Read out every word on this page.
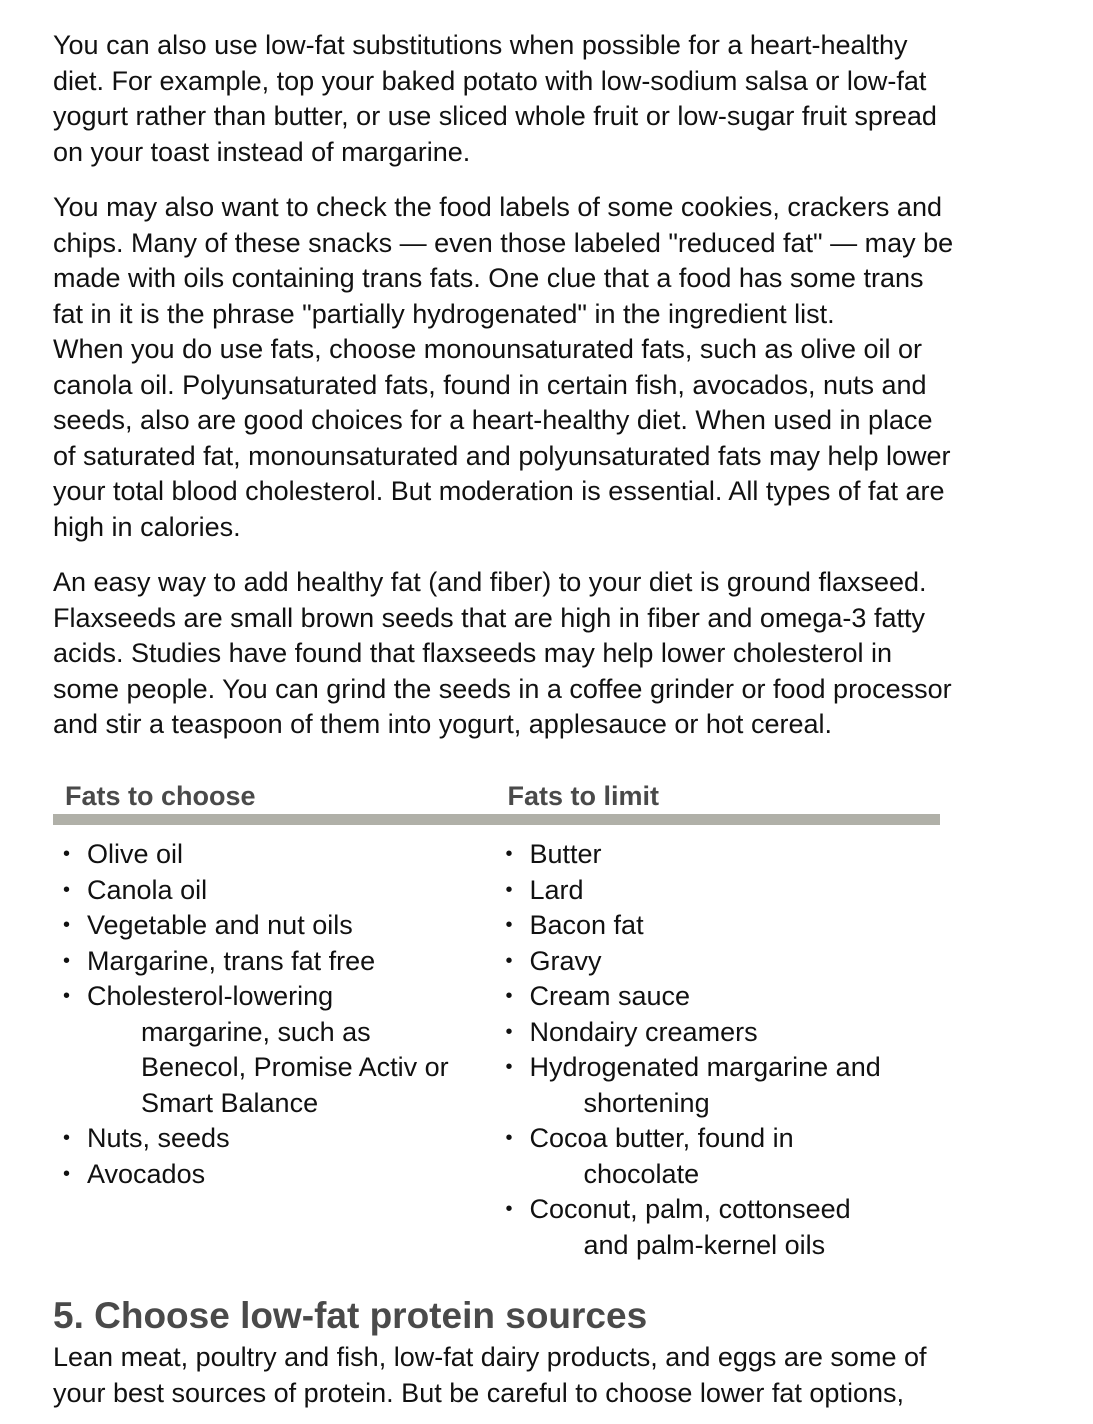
You can also use low-fat substitutions when possible for a heart-healthy
diet. For example, top your baked potato with low-sodium salsa or low-fat
yogurt rather than butter, or use sliced whole fruit or low-sugar fruit spread
on your toast instead of margarine.

You may also want to check the food labels of some cookies, crackers and
chips. Many of these snacks — even those labeled "reduced fat" — may be
made with oils containing trans fats. One clue that a food has some trans
fat in it is the phrase "partially hydrogenated" in the ingredient list.

When you do use fats, choose monounsaturated fats, such as olive oil or
canola oil. Polyunsaturated fats, found in certain fish, avocados, nuts and
seeds, also are good choices for a heart-healthy diet. When used in place
of saturated fat, monounsaturated and polyunsaturated fats may help lower
your total blood cholesterol. But moderation is essential. All types of fat are
high in calories.

An easy way to add healthy fat (and fiber) to your diet is ground flaxseed.
Flaxseeds are small brown seeds that are high in fiber and omega-3 fatty
acids. Studies have found that flaxseeds may help lower cholesterol in
some people. You can grind the seeds in a coffee grinder or food processor
and stir a teaspoon of them into yogurt, applesauce or hot cereal.

Fats to choose	Fats to limit
• Olive oil
• Canola oil
• Vegetable and nut oils
• Margarine, trans fat free
• Cholesterol-lowering
margarine, such as
Benecol, Promise Activ or
Smart Balance
• Nuts, seeds
• Avocados
• Butter
• Lard
• Bacon fat
• Gravy
• Cream sauce
• Nondairy creamers
• Hydrogenated margarine and
shortening
• Cocoa butter, found in
chocolate
• Coconut, palm, cottonseed
and palm-kernel oils
5. Choose low-fat protein sources
Lean meat, poultry and fish, low-fat dairy products, and eggs are some of
your best sources of protein. But be careful to choose lower fat options,
